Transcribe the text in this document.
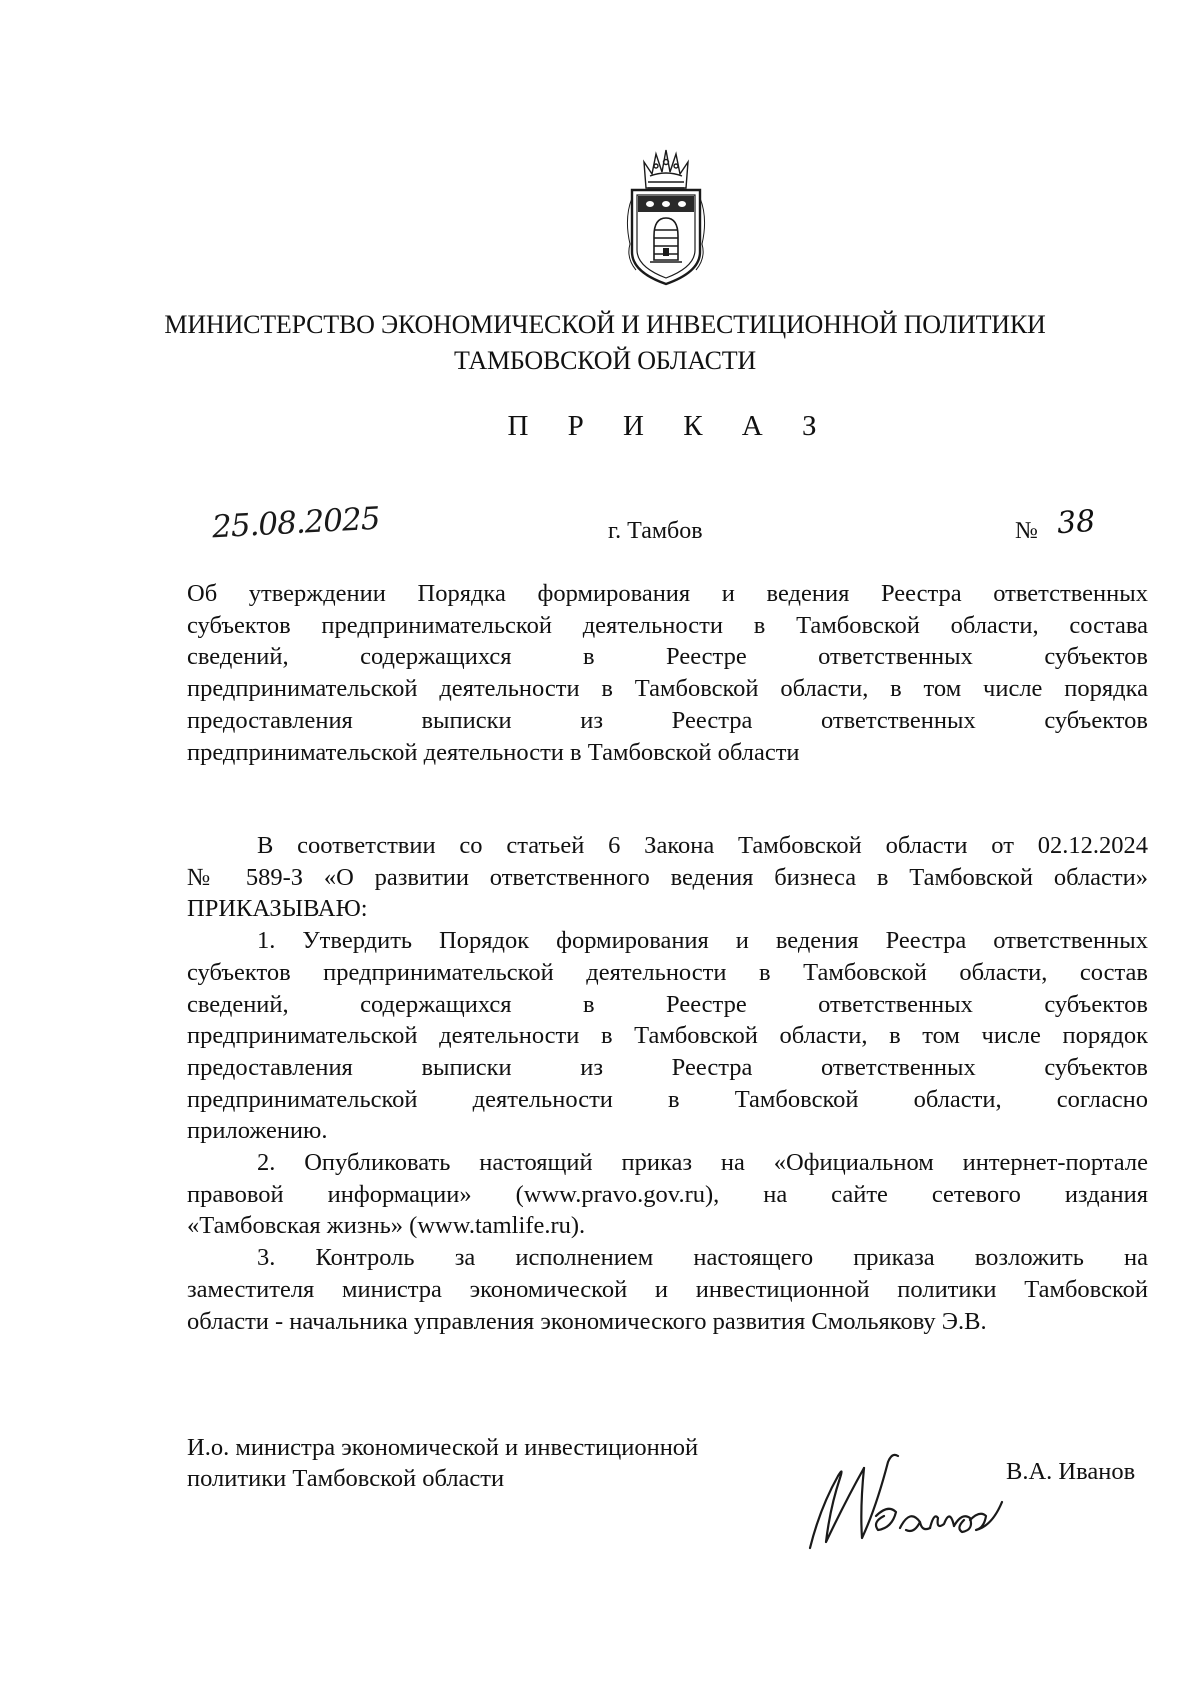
МИНИСТЕРСТВО ЭКОНОМИЧЕСКОЙ И ИНВЕСТИЦИОННОЙ ПОЛИТИКИ
ТАМБОВСКОЙ ОБЛАСТИ
П Р И К А З
25.08.2025	г. Тамбов	№ 38
Об утверждении Порядка формирования и ведения Реестра ответственных
субъектов предпринимательской деятельности в Тамбовской области, состава
сведений, содержащихся в Реестре ответственных субъектов
предпринимательской деятельности в Тамбовской области, в том числе порядка
предоставления выписки из Реестра ответственных субъектов
предпринимательской деятельности в Тамбовской области
В соответствии со статьей 6 Закона Тамбовской области от 02.12.2024
№ 589-З «О развитии ответственного ведения бизнеса в Тамбовской области»
ПРИКАЗЫВАЮ:
1. Утвердить Порядок формирования и ведения Реестра ответственных
субъектов предпринимательской деятельности в Тамбовской области, состав
сведений, содержащихся в Реестре ответственных субъектов
предпринимательской деятельности в Тамбовской области, в том числе порядок
предоставления выписки из Реестра ответственных субъектов
предпринимательской деятельности в Тамбовской области, согласно
приложению.
2. Опубликовать настоящий приказ на «Официальном интернет-портале
правовой информации» (www.pravo.gov.ru), на сайте сетевого издания
«Тамбовская жизнь» (www.tamlife.ru).
3. Контроль за исполнением настоящего приказа возложить на
заместителя министра экономической и инвестиционной политики Тамбовской
области - начальника управления экономического развития Смольякову Э.В.
И.о. министра экономической и инвестиционной
политики Тамбовской области	В.А. Иванов
